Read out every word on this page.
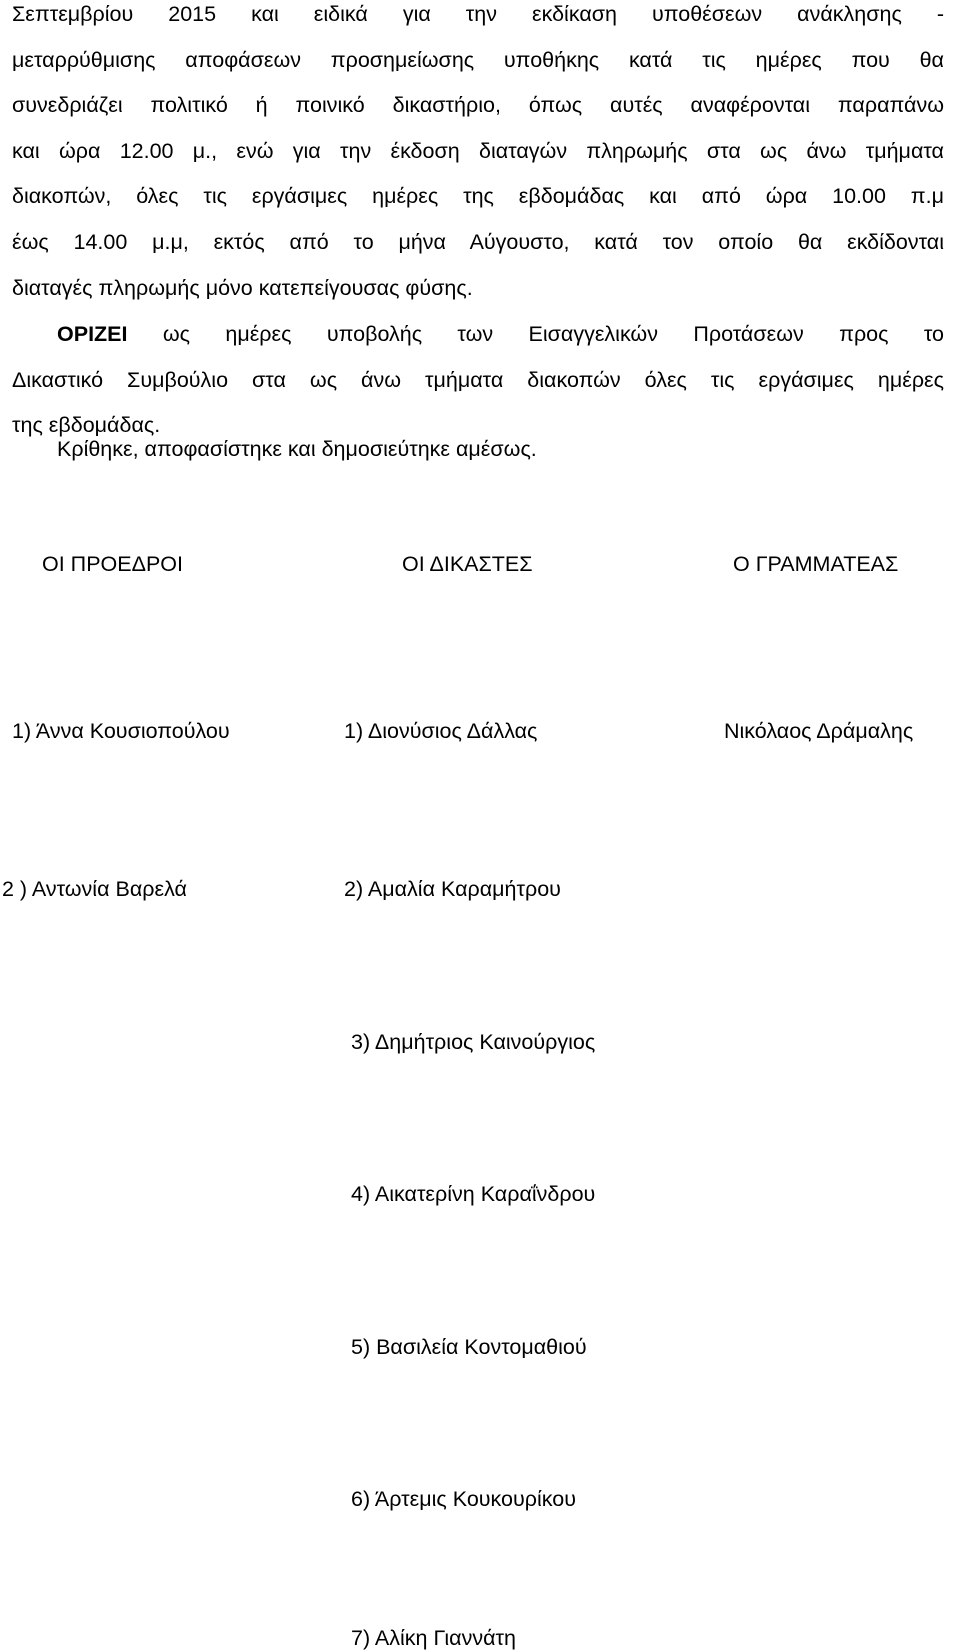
Σεπτεμβρίου 2015 και ειδικά για την εκδίκαση υποθέσεων ανάκλησης -
μεταρρύθμισης αποφάσεων προσημείωσης υποθήκης κατά τις ημέρες που θα
συνεδριάζει πολιτικό ή ποινικό δικαστήριο, όπως αυτές αναφέρονται παραπάνω
και ώρα 12.00 μ., ενώ για την έκδοση διαταγών πληρωμής στα ως άνω τμήματα
διακοπών, όλες τις εργάσιμες ημέρες της εβδομάδας και από ώρα 10.00 π.μ
έως 14.00 μ.μ, εκτός από το μήνα Αύγουστο, κατά τον οποίο θα εκδίδονται
διαταγές πληρωμής μόνο κατεπείγουσας φύσης.
ΟΡΙΖΕΙ ως ημέρες υποβολής των Εισαγγελικών Προτάσεων προς το
Δικαστικό Συμβούλιο στα ως άνω τμήματα διακοπών όλες τις εργάσιμες ημέρες
της εβδομάδας.
Κρίθηκε, αποφασίστηκε και δημοσιεύτηκε αμέσως.
ΟΙ ΠΡΟΕΔΡΟΙ	ΟΙ ΔΙΚΑΣΤΕΣ	Ο ΓΡΑΜΜΑΤΕΑΣ
1) Άννα Κουσιοπούλου	1) Διονύσιος Δάλλας	Νικόλαος Δράμαλης
2 ) Αντωνία Βαρελά	2) Αμαλία Καραμήτρου
3) Δημήτριος Καινούργιος
4) Αικατερίνη Καραΐνδρου
5) Βασιλεία Κοντομαθιού
6) Άρτεμις Κουκουρίκου
7) Αλίκη Γιαννάτη
